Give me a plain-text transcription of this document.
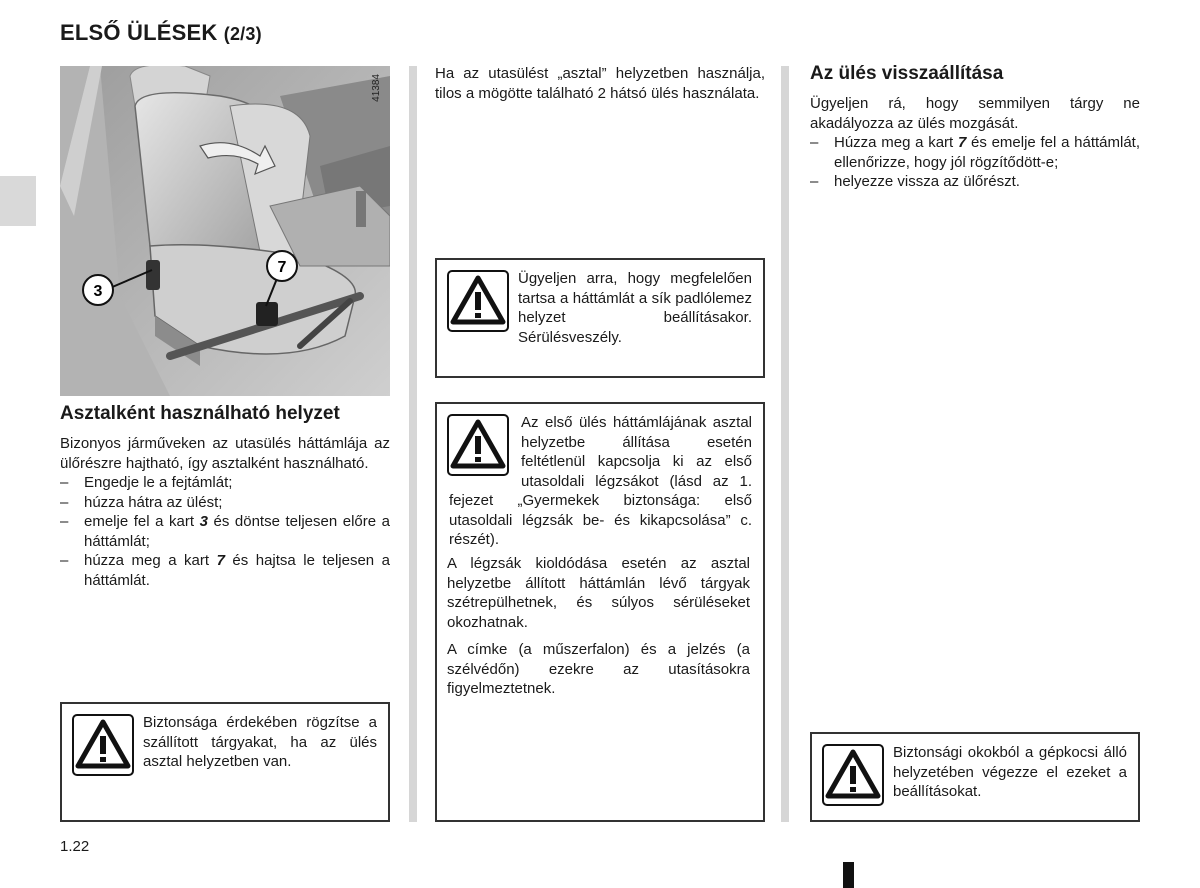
ELSŐ ÜLÉSEK (2/3)
3
7
41384
Asztalként használható helyzet

Bizonyos járműveken az utasülés háttámlája az ülőrészre hajtható, így asztalként használható.

– Engedje le a fejtámlát;
– húzza hátra az ülést;
– emelje fel a kart 3 és döntse teljesen előre a háttámlát;
– húzza meg a kart 7 és hajtsa le teljesen a háttámlát.
Biztonsága érdekében rögzítse a szállított tárgyakat, ha az ülés asztal helyzetben van.
Ha az utasülést „asztal” helyzetben használja, tilos a mögötte található 2 hátsó ülés használata.
Ügyeljen arra, hogy megfelelően tartsa a háttámlát a sík padlólemez helyzet beállításakor. Sérülésveszély.

Az első ülés háttámlájának asztal helyzetbe állítása esetén feltétlenül kapcsolja ki az első utasoldali légzsákot (lásd az 1. fejezet „Gyermekek biztonsága: első utasoldali légzsák be- és kikapcsolása” c. részét).

A légzsák kioldódása esetén az asztal helyzetbe állított háttámlán lévő tárgyak szétrepülhetnek, és súlyos sérüléseket okozhatnak.

A címke (a műszerfalon) és a jelzés (a szélvédőn) ezekre az utasításokra figyelmeztetnek.

Az ülés visszaállítása

Ügyeljen rá, hogy semmilyen tárgy ne akadályozza az ülés mozgását.

– Húzza meg a kart 7 és emelje fel a háttámlát, ellenőrizze, hogy jól rögzítődött-e;
– helyezze vissza az ülőrészt.
Biztonsági okokból a gépkocsi álló helyzetében végezze el ezeket a beállításokat.
1.22
